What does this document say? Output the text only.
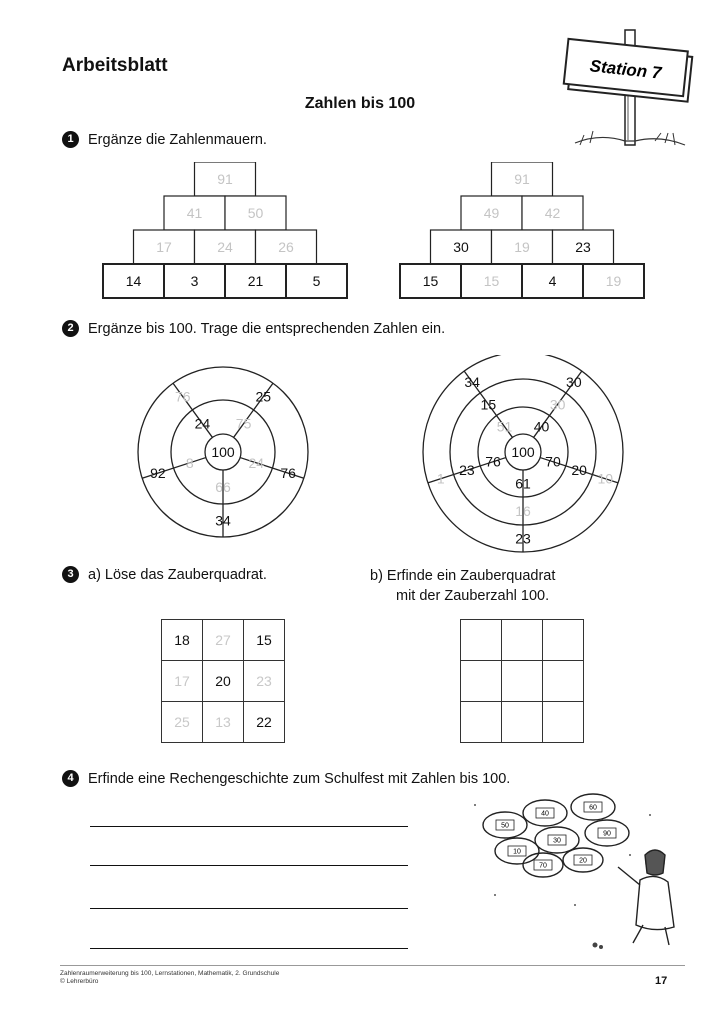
Arbeitsblatt
Zahlen bis 100
Station 7
1 Ergänze die Zahlenmauern.
91
41	50
17	24	26
14	3	21	5
91
49	42
30	19	23
15	15	4	19
2 Ergänze bis 100. Trage die entsprechenden Zahlen ein.
24 75
24
66
8
76	25
76
34
92
100
51 40
70
61
76
15	30
20
16
23
34	30
10
23
1
100
3 a) Löse das Zauberquadrat.	b) Erfinde ein Zauberquadrat
mit der Zauberzahl 100.
18	27	15
17	20	23
25	13	22

4 Erfinde eine Rechengeschichte zum Schulfest mit Zahlen bis 100.
50
40
60
10
30
90
70
20
Zahlenraumerweiterung bis 100, Lernstationen, Mathematik, 2. Grundschule
© Lehrerbüro	17
